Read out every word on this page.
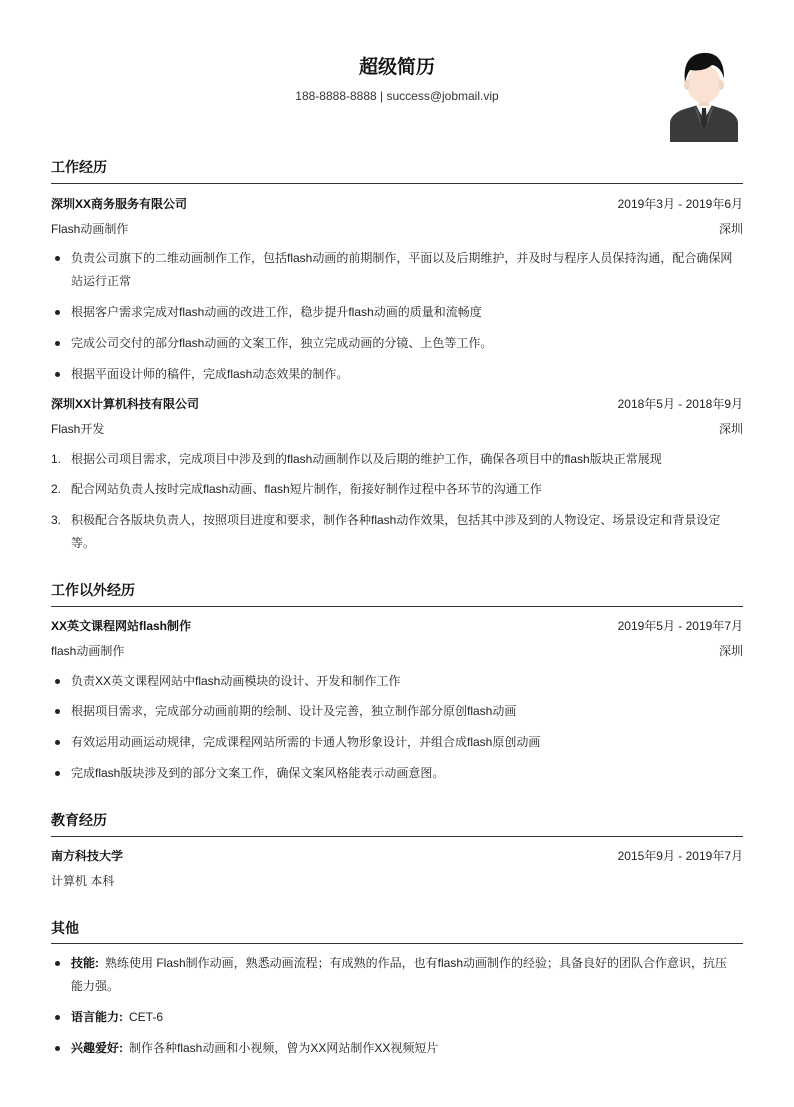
超级简历
188-8888-8888 | success@jobmail.vip
工作经历
深圳XX商务服务有限公司	2019年3月 - 2019年6月
Flash动画制作	深圳
负责公司旗下的二维动画制作工作，包括flash动画的前期制作，平面以及后期维护，并及时与程序人员保持沟通，配合确保网站运行正常
根据客户需求完成对flash动画的改进工作，稳步提升flash动画的质量和流畅度
完成公司交付的部分flash动画的文案工作，独立完成动画的分镜、上色等工作。
根据平面设计师的稿件，完成flash动态效果的制作。
深圳XX计算机科技有限公司	2018年5月 - 2018年9月
Flash开发	深圳
1. 根据公司项目需求，完成项目中涉及到的flash动画制作以及后期的维护工作，确保各项目中的flash版块正常展现
2. 配合网站负责人按时完成flash动画、flash短片制作，衔接好制作过程中各环节的沟通工作
3. 积极配合各版块负责人，按照项目进度和要求，制作各种flash动作效果，包括其中涉及到的人物设定、场景设定和背景设定等。
工作以外经历
XX英文课程网站flash制作	2019年5月 - 2019年7月
flash动画制作	深圳
负责XX英文课程网站中flash动画模块的设计、开发和制作工作
根据项目需求，完成部分动画前期的绘制、设计及完善，独立制作部分原创flash动画
有效运用动画运动规律，完成课程网站所需的卡通人物形象设计，并组合成flash原创动画
完成flash版块涉及到的部分文案工作，确保文案风格能表示动画意图。
教育经历
南方科技大学	2015年9月 - 2019年7月
计算机 本科
其他
技能: 熟练使用 Flash制作动画，熟悉动画流程；有成熟的作品，也有flash动画制作的经验；具备良好的团队合作意识，抗压能力强。
语言能力: CET-6
兴趣爱好: 制作各种flash动画和小视频，曾为XX网站制作XX视频短片
